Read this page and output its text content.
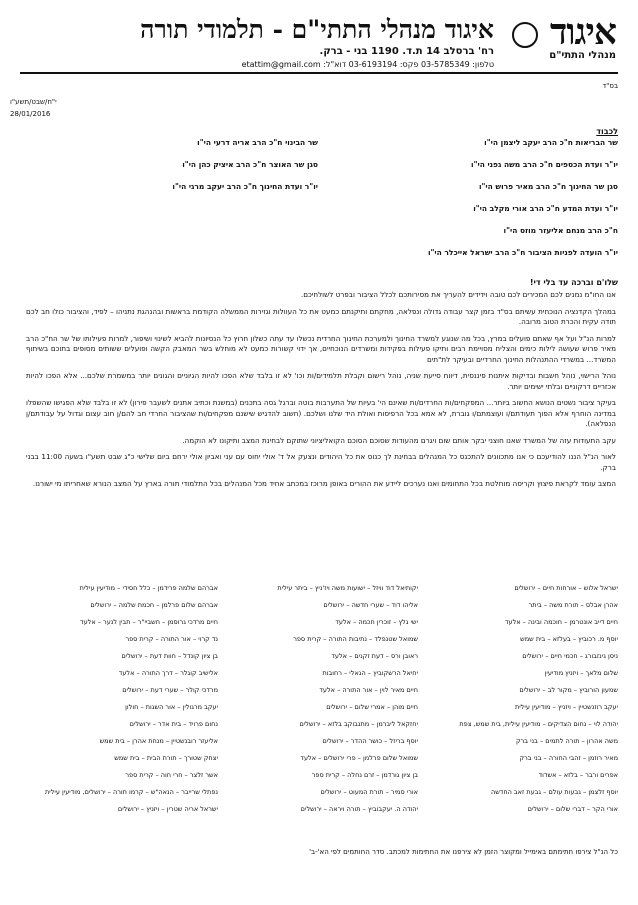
איגוד
מנהלי התתי"ם
איגוד מנהלי התתי"ם - תלמודי תורה
רח' ברסלב 14 ת.ד. 1190 בני - ברק.
טלפון: 03-5785349 פקס: 03-6193194 דוא"ל: etattim@gmail.com
בס"ד
י"ח/שבט/תשע"ו
28/01/2016
לכבוד
שר הבריאות ח"כ הרב יעקב ליצמן הי"ו
שר הבינוי ח"כ הרב אריה דרעי הי"ו
יו"ר ועדת הכספים ח"כ הרב משה גפני הי"ו
סגן שר האוצר ח"כ הרב איציק כהן הי"ו
סגן שר החינוך ח"כ הרב מאיר פרוש הי"ו
יו"ר ועדת החינוך ח"כ הרב יעקב מרגי הי"ו
יו"ר ועדת המדע ח"כ הרב אורי מקלב הי"ו
ח"כ הרב מנחם אליעזר מוזס הי"ו
יו"ר הועדה לפניות הציבור ח"כ הרב ישראל אייכלר הי"ו
שלו'ם וברכה עד בלי די!

אנו החו"מ נמנים לכם המכירים לכם טובה וידידים להעריך את מסירותכם לכלל הציבור ובפרט לשולחיכם.

במהלך הקדנציה הנוכחית עשיתם בס"ד בזמן קצר עבודה גדולה ונפלאה, מחקתם ותיקנתם כמעט את כל העוולות וגזירות הממשלה הקודמת בראשות ובהנהגת נתניהו – לפיד, והציבור כולו חב לכם תודה עקית והכרת הטוב מרובה.

למרות הנ"ל ועל אף שאתם פועלים במרץ, בכל מה שנוגע למשרד החינוך ולמערכת החינוך החרדית נכשלו עד עתה כשלון חרוץ כל הנסיונות להביא לשינוי ושיפור, למרות פעילותו של שר הח"כ הרב מאיר פרוש שעושה לילות כימים והצליח מסויימת רבים ותיקו פעילות בפקידות ומשרדים הנוכחיים, אך ידוי קשורות כמעט לא מוחלש בשר המאבק הקשה ופועלים ששותים מסופים בתוכם בשיתוף המשרד... במשרדי ההתנהלות החינוך החרדיים ובעיקר לת"תים

נוהל הרישוי, נוהל חשבות ובדיקות איתנות פיננסית, דיווח סייעת שניה, נוהל רישום וקבלת תלמידים/ות וכו' לא זו בלבד שלא הפכו להיות הגיוניים והגונים יותר במשמרת שלכם... אלא הפכו להיות אכזריים דרקוניים ובלתי ישימים יותר.

בעיקר ציבור נשטים הנושא החשוב ביותר... המפקחים/ות החרדים/ות שאינם הי' בעיות של התערבות בוטה וברגל גסה בתכנים (במשנת וכתיב אתנים לשעבר פירון) לא זו בלבד שלא הפגישו שהשפלו במדינה הוחרף אלא הפוך תעודתם/ו ועוצמתם/ו גוברת, לא אמא בכל הרפיסות ואולת היד שלנו ושלכם. (חשוב להדגיש שישנם מפקחים/ות שהציבור החרדי חב להם/ן חוב עצום וגדול על עבודתם/ן הנפלאה).

עקב התעודות עזה של המשרד שאנו חוצני יבקר אותם שום ויגרם מהעודות שסוכם הסוכם הקואליציוני שתוקם לבחינת המצב ותיקונו לא הוקמה.

לאור הנ"ל הננו להודיעכם כי אנו מתכוונים להתכנס כל המנהלים בבחינת לך כנוס את כל היהודים ונצעק אל ד' אולי יחוס עם עני ואביון אולי ירחם ביום שלישי כ"ג שבט תשע"ו בשעה 11:00 בבני ברק.

המצב עומד לקראת פיצוץ וקריסה מוחלטת בכל התחומים ואנו נערכים ליידע את ההורים באופן מרוכז במכתב אחיד מכל המנהלים בכל התלמודי תורה בארץ על המצב הנורא שאחריתו מי ישורנו.

ישראל אלוש – אורחות חיים – ירושלים
יקותיאל דוד וויזל – ישועות משה ויז'ניץ – ביתר עילית
אברהם שלמה פרידמן – כלל חסידי – מודיעין עילית
אהרן אבלס – תורת משה – ביתר
אליהו דוד – שערי חדשה – ירושלים
אברהם שלום פרלמן – חכמת שלמה – ירושלים
חיים דייב אונטרמן – חוכמה ובינה – אלעד
ישי גלץ – זוכרין חכמה – אלעד
חיים מרדכי גרוסמן – חשביי"ר – תבין לנער – אלעד
יוסף מ. רכוביץ – בעלזא – בית שמש
שמואל שטנפלד – נתיבות התורה – קרית ספר
נד קרוי – אור התורה – קרית ספר
ניסן גינזבורג – חכמי חיים – ירושלים
ראובן ורס – דעת זקנים – אלעד
בן ציון קונדל – חוות דעת – ירושלים
שלום מלאך – ויזניץ מודיעין
יחיאל הרשקוביץ – הגאלי – רחובות
אלישיב קוגלר – דרך התורה – אלעד
שמעון הורוביץ – מקור לב – ירושלים
חיים מאיר לוין – אור התורה – אלעד
מרדכי קולר – שערי דעת – ירושלים
יעקב רוזנשטיין – ויזניץ – מודיעין עילית
חיים מוהן – אמרי שלום – ירושלים
יעקב מרגולין – אור השגות – חולון
יהודה לוי – נחום הצדיקים – מודיעין עילית, בית שמש, צפת
יחזקאל ליברמן – מתנבוקב בלזא – ירושלים
נחום פרויד – בית אדר – ירושלים
משה אהרון – תורה לתמים – בני ברק
יוסף בריזל – כושר ההדר – ירושלים
אליעזר רובנשטיין – מנחת אהרן – בית שמש
מאיר רוזמן – זהבי החורה – בני ברק
שמואל שלום פרלמן – פרי ירושלים – אלעד
יצחק שטורך – תורת הבית – בית שמש
אפרים ורבר – בלזא – אשדוד
בן ציון גורדמן – זרם נחלה – קרית ספר
אשר זלצר – חרי חוה – קרית ספר
יוסף זלצמן – גבעות עולם – גבעת זאב החדשה
אורי סמיר – תורת המעוט – ירושלים
נפתלי שרייבר – הנאה"ש – קרמו תורה – ירושלים, מודיעין עילית
אורי הקר – דברי שלום – ירושלים
יהודה ה. יעקבוביץ – תורה ויראה – ירושלים
ישראל אריה שטרין – ויזניץ – ירושלים
כל הנ"ל צירפו חתימתם באימייל ומקוצר הזמן לא צירפנו את החתימות למכתב. סדר החותמים לפי הא'-ב'
